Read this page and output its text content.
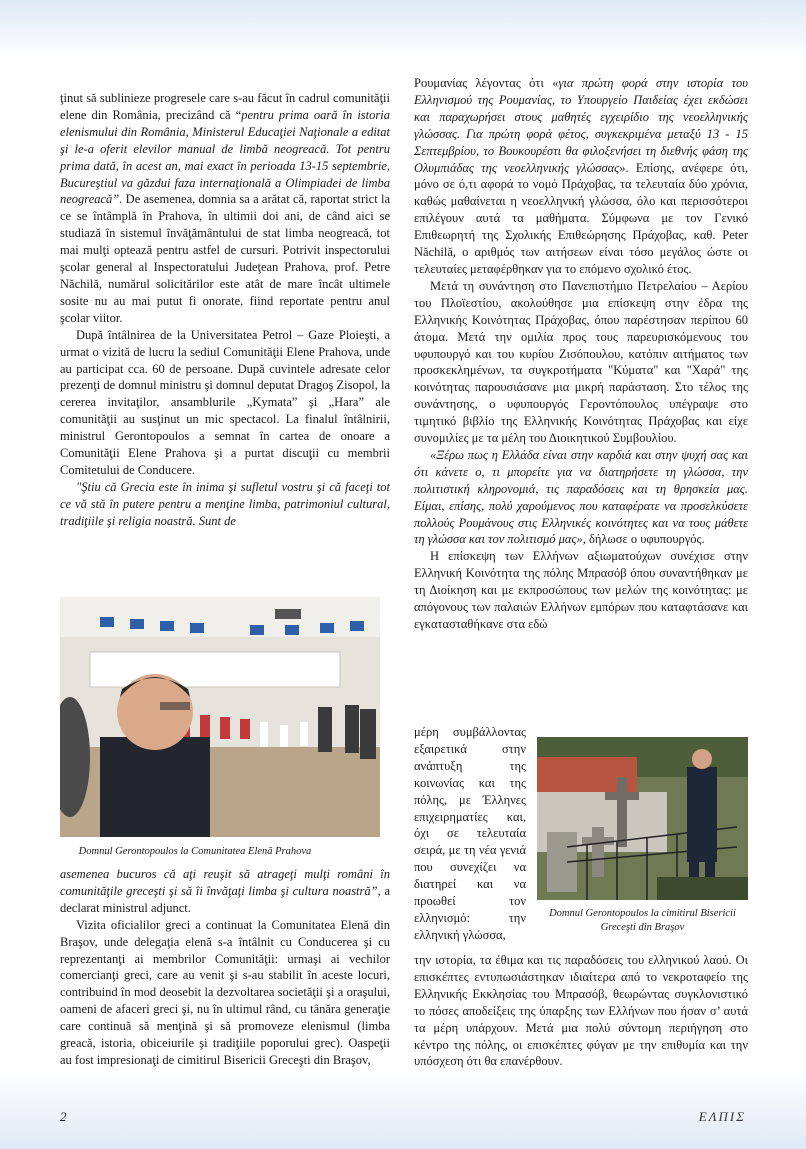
ţinut să sublinieze progresele care s-au făcut în cadrul comunităţii elene din România, precizând că “pentru prima oară în istoria elenismului din România, Ministerul Educaţiei Naţionale a editat şi le-a oferit elevilor manual de limbă neogreacă. Tot pentru prima dată, în acest an, mai exact în perioada 13-15 septembrie, Bucureştiul va găzdui faza internaţională a Olimpiadei de limba neogreacă”. De asemenea, domnia sa a arătat că, raportat strict la ce se întâmplă în Prahova, în ultimii doi ani, de când aici se studiază în sistemul învăţământului de stat limba neogreacă, tot mai mulţi optează pentru astfel de cursuri. Potrivit inspectorului şcolar general al Inspectoratului Judeţean Prahova, prof. Petre Năchilă, numărul solicitărilor este atât de mare încât ultimele sosite nu au mai putut fi onorate, fiind reportate pentru anul şcolar viitor.

După întâlnirea de la Universitatea Petrol – Gaze Ploieşti, a urmat o vizită de lucru la sediul Comunităţii Elene Prahova, unde au participat cca. 60 de persoane. După cuvintele adresate celor prezenţi de domnul ministru şi domnul deputat Dragoş Zisopol, la cererea invitaţilor, ansamblurile „Kymata” şi „Hara” ale comunităţii au susţinut un mic spectacol. La finalul întâlnirii, ministrul Gerontopoulos a semnat în cartea de onoare a Comunităţii Elene Prahova şi a purtat discuţii cu membrii Comitetului de Conducere.

"Ştiu că Grecia este în inima şi sufletul vostru şi că faceţi tot ce vă stă în putere pentru a menţine limba, patrimoniul cultural, tradiţiile şi religia noastră. Sunt de

Domnul Gerontopoulos la Comunitatea Elenă Prahova

asemenea bucuros că aţi reuşit să atrageţi mulţi români în comunităţile greceşti şi să îi învăţaţi limba şi cultura noastră”, a declarat ministrul adjunct.

Vizita oficialilor greci a continuat la Comunitatea Elenă din Braşov, unde delegaţia elenă s-a întâlnit cu Conducerea şi cu reprezentanţi ai membrilor Comunităţii: urmaşi ai vechilor comercianţi greci, care au venit şi s-au stabilit în aceste locuri, contribuind în mod deosebit la dezvoltarea societăţii şi a oraşului, oameni de afaceri greci şi, nu în ultimul rând, cu tânăra generaţie care continuă să menţină şi să promoveze elenismul (limba greacă, istoria, obiceiurile şi tradiţiile poporului grec). Oaspeţii au fost impresionaţi de cimitirul Bisericii Greceşti din Braşov,

Ρουμανίας λέγοντας ότι «για πρώτη φορά στην ιστορία του Ελληνισμού της Ρουμανίας, το Υπουργείο Παιδείας έχει εκδώσει και παραχωρήσει στους μαθητές εγχειρίδιο της νεοελληνικής γλώσσας. Για πρώτη φορά φέτος, συγκεκριμένα μεταξύ 13 - 15 Σεπτεμβρίου, το Βουκουρέστι θα φιλοξενήσει τη διεθνής φάση της Ολυμπιάδας της νεοελληνικής γλώσσας». Επίσης, ανέφερε ότι, μόνο σε ό,τι αφορά το νομό Πράχοβας, τα τελευταία δύο χρόνια, καθώς μαθαίνεται η νεοελληνική γλώσσα, όλο και περισσότεροι επιλέγουν αυτά τα μαθήματα. Σύμφωνα με τον Γενικό Επιθεωρητή της Σχολικής Επιθεώρησης Πράχοβας, καθ. Peter Năchilă, ο αριθμός των αιτήσεων είναι τόσο μεγάλος ώστε οι τελευταίες μεταφέρθηκαν για το επόμενο σχολικό έτος.

Μετά τη συνάντηση στο Πανεπιστήμιο Πετρελαίου – Αερίου του Πλοϊεστίου, ακολούθησε μια επίσκεψη στην έδρα της Ελληνικής Κοινότητας Πράχοβας, όπου παρέστησαν περίπου 60 άτομα. Μετά την ομιλία προς τους παρευρισκόμενους του υφυπουργό και του κυρίου Ζισόπουλου, κατόπιν αιτήματος των προσκεκλημένων, τα συγκροτήματα "Κύματα" και "Χαρά" της κοινότητας παρουσιάσανε μια μικρή παράσταση. Στο τέλος της συνάντησης, ο υφυπουργός Γεροντόπουλος υπέγραψε στο τιμητικό βιβλίο της Ελληνικής Κοινότητας Πράχοβας και είχε συνομιλίες με τα μέλη του Διοικητικού Συμβουλίου.

«Ξέρω πως η Ελλάδα είναι στην καρδιά και στην ψυχή σας και ότι κάνετε ο, τι μπορείτε για να διατηρήσετε τη γλώσσα, την πολιτιστική κληρονομιά, τις παραδόσεις και τη θρησκεία μας. Είμαι, επίσης, πολύ χαρούμενος που καταφέρατε να προσελκύσετε πολλούς Ρουμάνους στις Ελληνικές κοινότητες και να τους μάθετε τη γλώσσα και τον πολιτισμό μας», δήλωσε ο υφυπουργός.

Η επίσκεψη των Ελλήνων αξιωματούχων συνέχισε στην Ελληνική Κοινότητα της πόλης Μπρασόβ όπου συναντήθηκαν με τη Διοίκηση και με εκπροσώπους των μελών της κοινότητας: με απόγονους των παλαιών Ελλήνων εμπόρων που καταφτάσανε και εγκατασταθήκανε στα εδώ

μέρη συμβάλλοντας εξαιρετικά στην ανάπτυξη της κοινωνίας και της πόλης, με Έλληνες επιχειρηματίες και, όχι σε τελευταία σειρά, με τη νέα γενιά που συνεχίζει να διατηρεί και να προωθεί τον ελληνισμό: την ελληνική γλώσσα,

Domnul Gerontopoulos la cimitirul Bisericii Greceşti din Braşov

την ιστορία, τα έθιμα και τις παραδόσεις του ελληνικού λαού. Οι επισκέπτες εντυπωσιάστηκαν ιδιαίτερα από το νεκροταφείο της Ελληνικής Εκκλησίας του Μπρασόβ, θεωρώντας συγκλονιστικό το πόσες αποδείξεις της ύπαρξης των Ελλήνων που ήσαν σ’ αυτά τα μέρη υπάρχουν. Μετά μια πολύ σύντομη περιήγηση στο κέντρο της πόλης, οι επισκέπτες φύγαν με την επιθυμία και την υπόσχεση ότι θα επανέρθουν.

2	ΕΛΠΙΣ
